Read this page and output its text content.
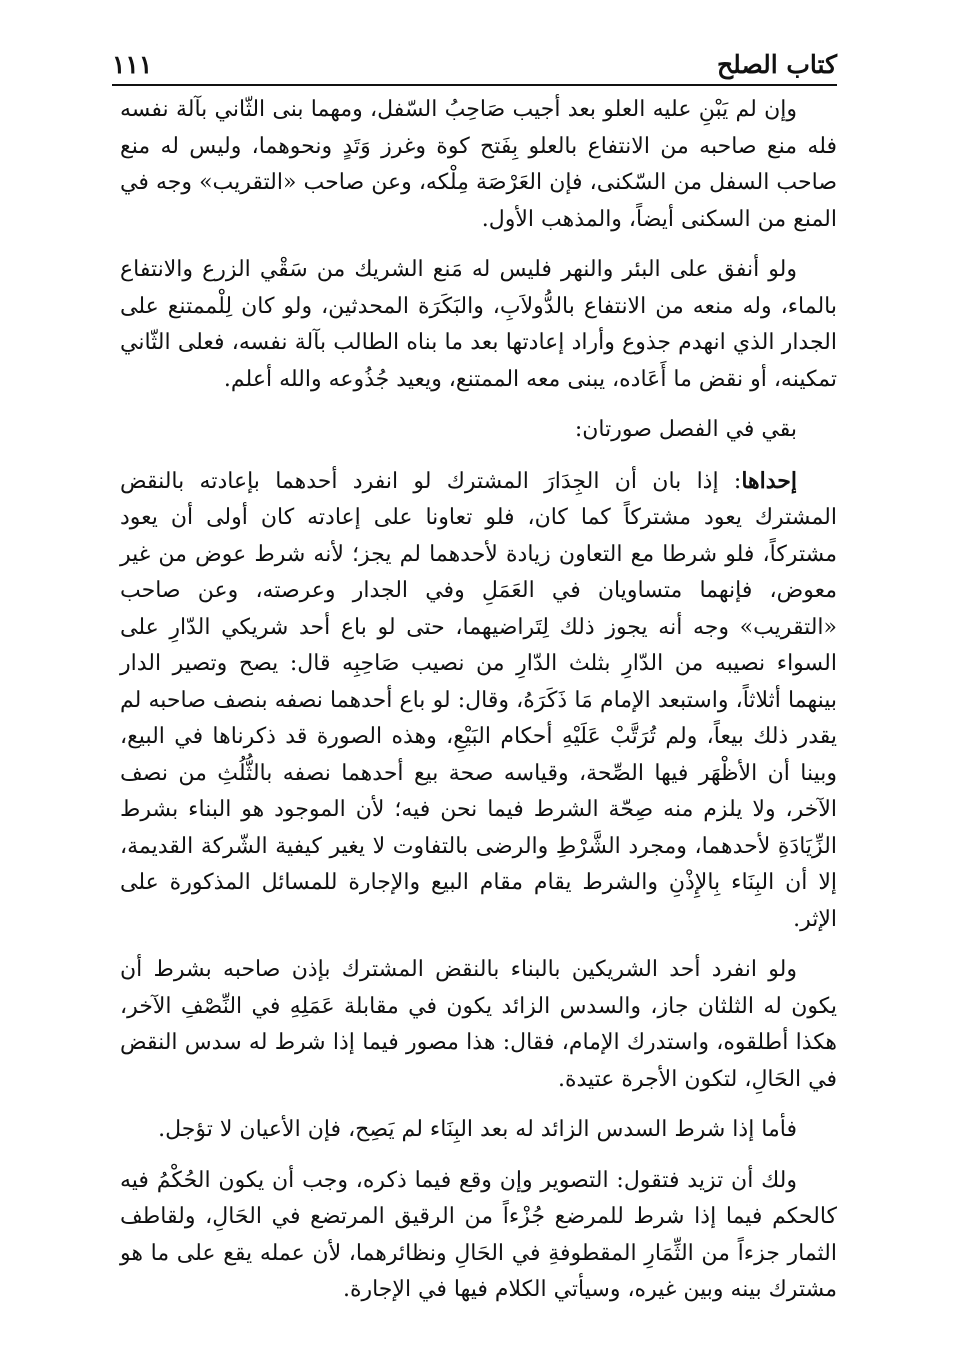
كتاب الصلح
١١١

وإن لم يَبْنِ عليه العلو بعد أجيب صَاحِبُ السّفل، ومهما بنى الثّاني بآلة نفسه فله منع صاحبه من الانتفاع بالعلو بِفَتح كوة وغرز وَتَدٍ ونحوهما، وليس له منع صاحب السفل من السّكنى، فإن العَرْصَة مِلْكه، وعن صاحب «التقريب» وجه في المنع من السكنى أيضاً، والمذهب الأول.

ولو أنفق على البئر والنهر فليس له مَنع الشريك من سَقْي الزرع والانتفاع بالماء، وله منعه من الانتفاع بالدُّولاَبِ، والبَكَرَة المحدثين، ولو كان لِلْممتنع على الجدار الذي انهدم جذوع وأراد إعادتها بعد ما بناه الطالب بآلة نفسه، فعلى الثّاني تمكينه، أو نقض ما أَعَاده، يبنى معه الممتنع، ويعيد جُذُوعه والله أعلم.

بقي في الفصل صورتان:

إحداها: إذا بان أن الجِدَارَ المشترك لو انفرد أحدهما بإعادته بالنقض المشترك يعود مشتركاً كما كان، فلو تعاونا على إعادته كان أولى أن يعود مشتركاً، فلو شرطا مع التعاون زيادة لأحدهما لم يجز؛ لأنه شرط عوض من غير معوض، فإنهما متساويان في العَمَلِ وفي الجدار وعرصته، وعن صاحب «التقريب» وجه أنه يجوز ذلك لِتَراضيهما، حتى لو باع أحد شريكي الدّارِ على السواء نصيبه من الدّارِ بثلث الدّارِ من نصيب صَاحِبِه قال: يصح وتصير الدار بينهما أثلاثاً، واستبعد الإمام مَا ذَكَرَهُ، وقال: لو باع أحدهما نصفه بنصف صاحبه لم يقدر ذلك بيعاً، ولم تُرَتَّبْ عَلَيْهِ أحكام البَيْعِ، وهذه الصورة قد ذكرناها في البيع، وبينا أن الأظْهَر فيها الصِّحة، وقياسه صحة بيع أحدهما نصفه بالثُّلُثِ من نصف الآخر، ولا يلزم منه صِحّة الشرط فيما نحن فيه؛ لأن الموجود هو البناء بشرط الزِّيَادَةِ لأحدهما، ومجرد الشَّرْطِ والرضى بالتفاوت لا يغير كيفية الشّركة القديمة، إلا أن البِنَاء بِالإِذْنِ والشرط يقام مقام البيع والإجارة للمسائل المذكورة على الإثر.

ولو انفرد أحد الشريكين بالبناء بالنقض المشترك بإذن صاحبه بشرط أن يكون له الثلثان جاز، والسدس الزائد يكون في مقابلة عَمَلِهِ في النِّصْفِ الآخر، هكذا أطلقوه، واستدرك الإمام، فقال: هذا مصور فيما إذا شرط له سدس النقض في الحَالِ، لتكون الأجرة عتيدة.

فأما إذا شرط السدس الزائد له بعد البِنَاء لم يَصِح، فإن الأعيان لا تؤجل.

ولك أن تزيد فتقول: التصوير وإن وقع فيما ذكره، وجب أن يكون الحُكْمُ فيه كالحكم فيما إذا شرط للمرضع جُزْءاً من الرقيق المرتضع في الحَالِ، ولقاطف الثمار جزءاً من الثِّمَارِ المقطوفةِ في الحَالِ ونظائرهما، لأن عمله يقع على ما هو مشترك بينه وبين غيره، وسيأتي الكلام فيها في الإجارة.
